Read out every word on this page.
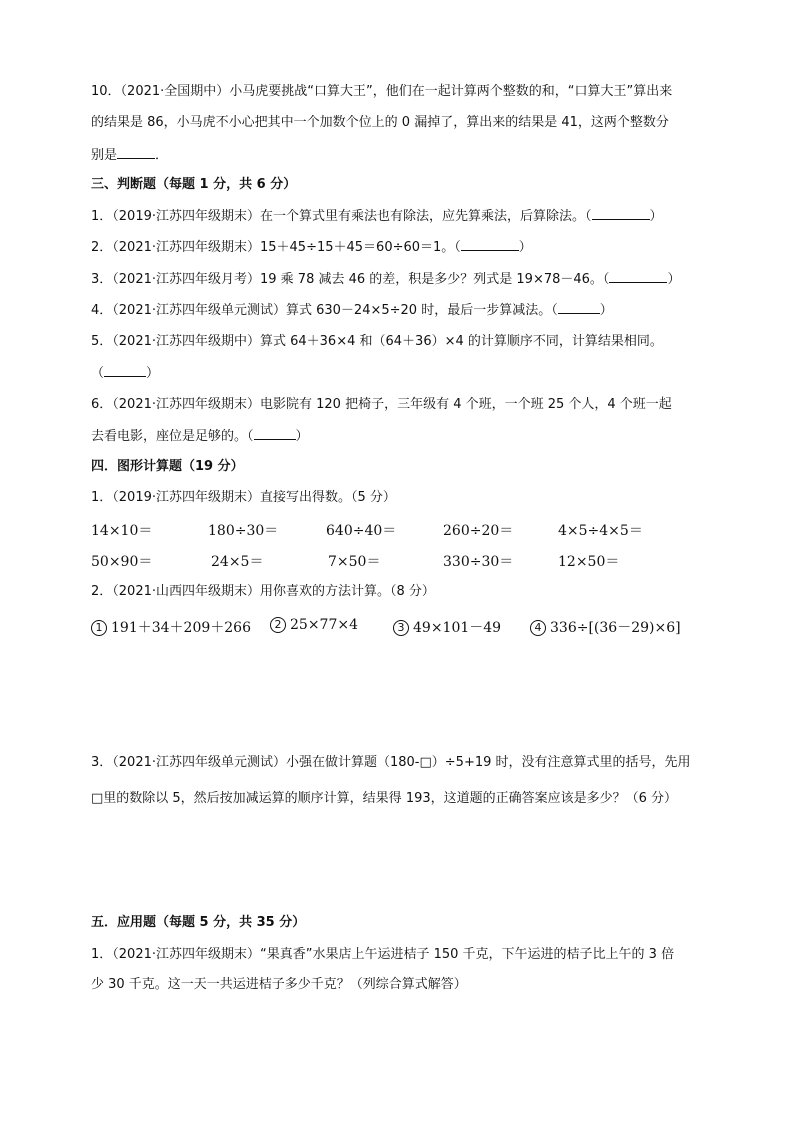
10．（2021·全国期中）小马虎要挑战“口算大王”，他们在一起计算两个整数的和，“口算大王”算出来
的结果是 86，小马虎不小心把其中一个加数个位上的 0 漏掉了，算出来的结果是 41，这两个整数分
别是	．
三、判断题（每题 1 分，共 6 分）
1．（2019·江苏四年级期末）在一个算式里有乘法也有除法，应先算乘法，后算除法。（	）
2．（2021·江苏四年级期末）15＋45÷15＋45＝60÷60＝1。（	）
3．（2021·江苏四年级月考）19 乘 78 减去 46 的差，积是多少？列式是 19×78－46。（	）
4．（2021·江苏四年级单元测试）算式 630－24×5÷20 时，最后一步算减法。（	）
5．（2021·江苏四年级期中）算式 64＋36×4 和（64＋36）×4 的计算顺序不同，计算结果相同。
（	）
6．（2021·江苏四年级期末）电影院有 120 把椅子，三年级有 4 个班，一个班 25 个人，4 个班一起
去看电影，座位是足够的。（	）
四．图形计算题（19 分）
1．（2019·江苏四年级期末）直接写出得数。（5 分）
14×10＝	180÷30＝	640÷40＝	260÷20＝	4×5÷4×5＝
50×90＝	24×5＝	7×50＝	330÷30＝	12×50＝
2．（2021·山西四年级期末）用你喜欢的方法计算。（8 分）
1 191＋34＋209＋266	2 25×77×4	3 49×101－49	4 336÷[(36－29)×6]
3．（2021·江苏四年级单元测试）小强在做计算题（180-□）÷5+19 时，没有注意算式里的括号，先用
□里的数除以 5，然后按加减运算的顺序计算，结果得 193，这道题的正确答案应该是多少？（6 分）
五．应用题（每题 5 分，共 35 分）
1．（2021·江苏四年级期末）“果真香”水果店上午运进桔子 150 千克，下午运进的桔子比上午的 3 倍
少 30 千克。这一天一共运进桔子多少千克？（列综合算式解答）
